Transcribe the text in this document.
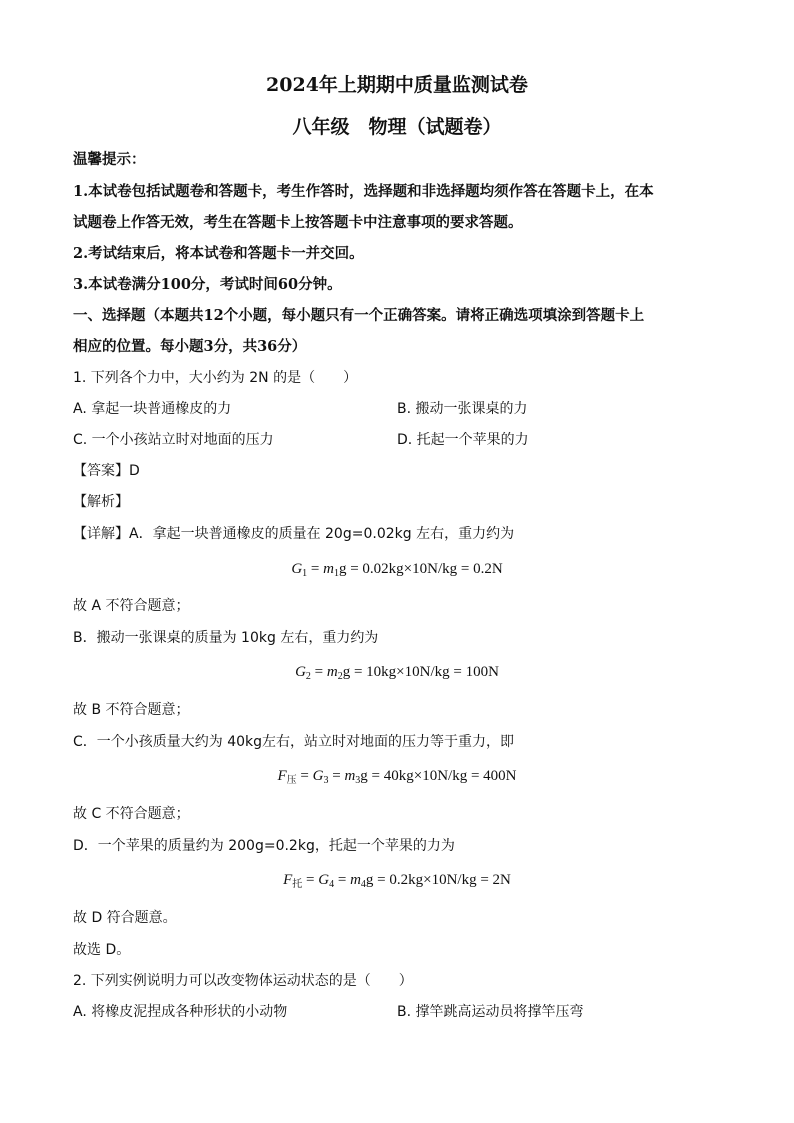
2024年上期期中质量监测试卷
八年级　物理（试题卷）
温馨提示：
1.本试卷包括试题卷和答题卡，考生作答时，选择题和非选择题均须作答在答题卡上，在本
试题卷上作答无效，考生在答题卡上按答题卡中注意事项的要求答题。
2.考试结束后，将本试卷和答题卡一并交回。
3.本试卷满分100分，考试时间60分钟。
一、选择题（本题共12个小题，每小题只有一个正确答案。请将正确选项填涂到答题卡上
相应的位置。每小题3分，共36分）
1. 下列各个力中，大小约为 2N 的是（　　）
A. 拿起一块普通橡皮的力	B. 搬动一张课桌的力
C. 一个小孩站立时对地面的压力	D. 托起一个苹果的力
【答案】D
【解析】
【详解】A．拿起一块普通橡皮的质量在 20g=0.02kg 左右，重力约为
$G_1 = m_1g = 0.02kg\times 10N/kg = 0.2N$
故 A 不符合题意；
B．搬动一张课桌的质量为 10kg 左右，重力约为
$G_2 = m_2g = 10kg\times 10N/kg = 100N$
故 B 不符合题意；
C．一个小孩质量大约为 40kg左右，站立时对地面的压力等于重力，即
$F_压 = G_3 = m_3g = 40kg\times 10N/kg = 400N$
故 C 不符合题意；
D．一个苹果的质量约为 200g=0.2kg，托起一个苹果的力为
$F_托 = G_4 = m_4g = 0.2kg\times 10N/kg = 2N$
故 D 符合题意。
故选 D。
2. 下列实例说明力可以改变物体运动状态的是（　　）
A. 将橡皮泥捏成各种形状的小动物	B. 撑竿跳高运动员将撑竿压弯
